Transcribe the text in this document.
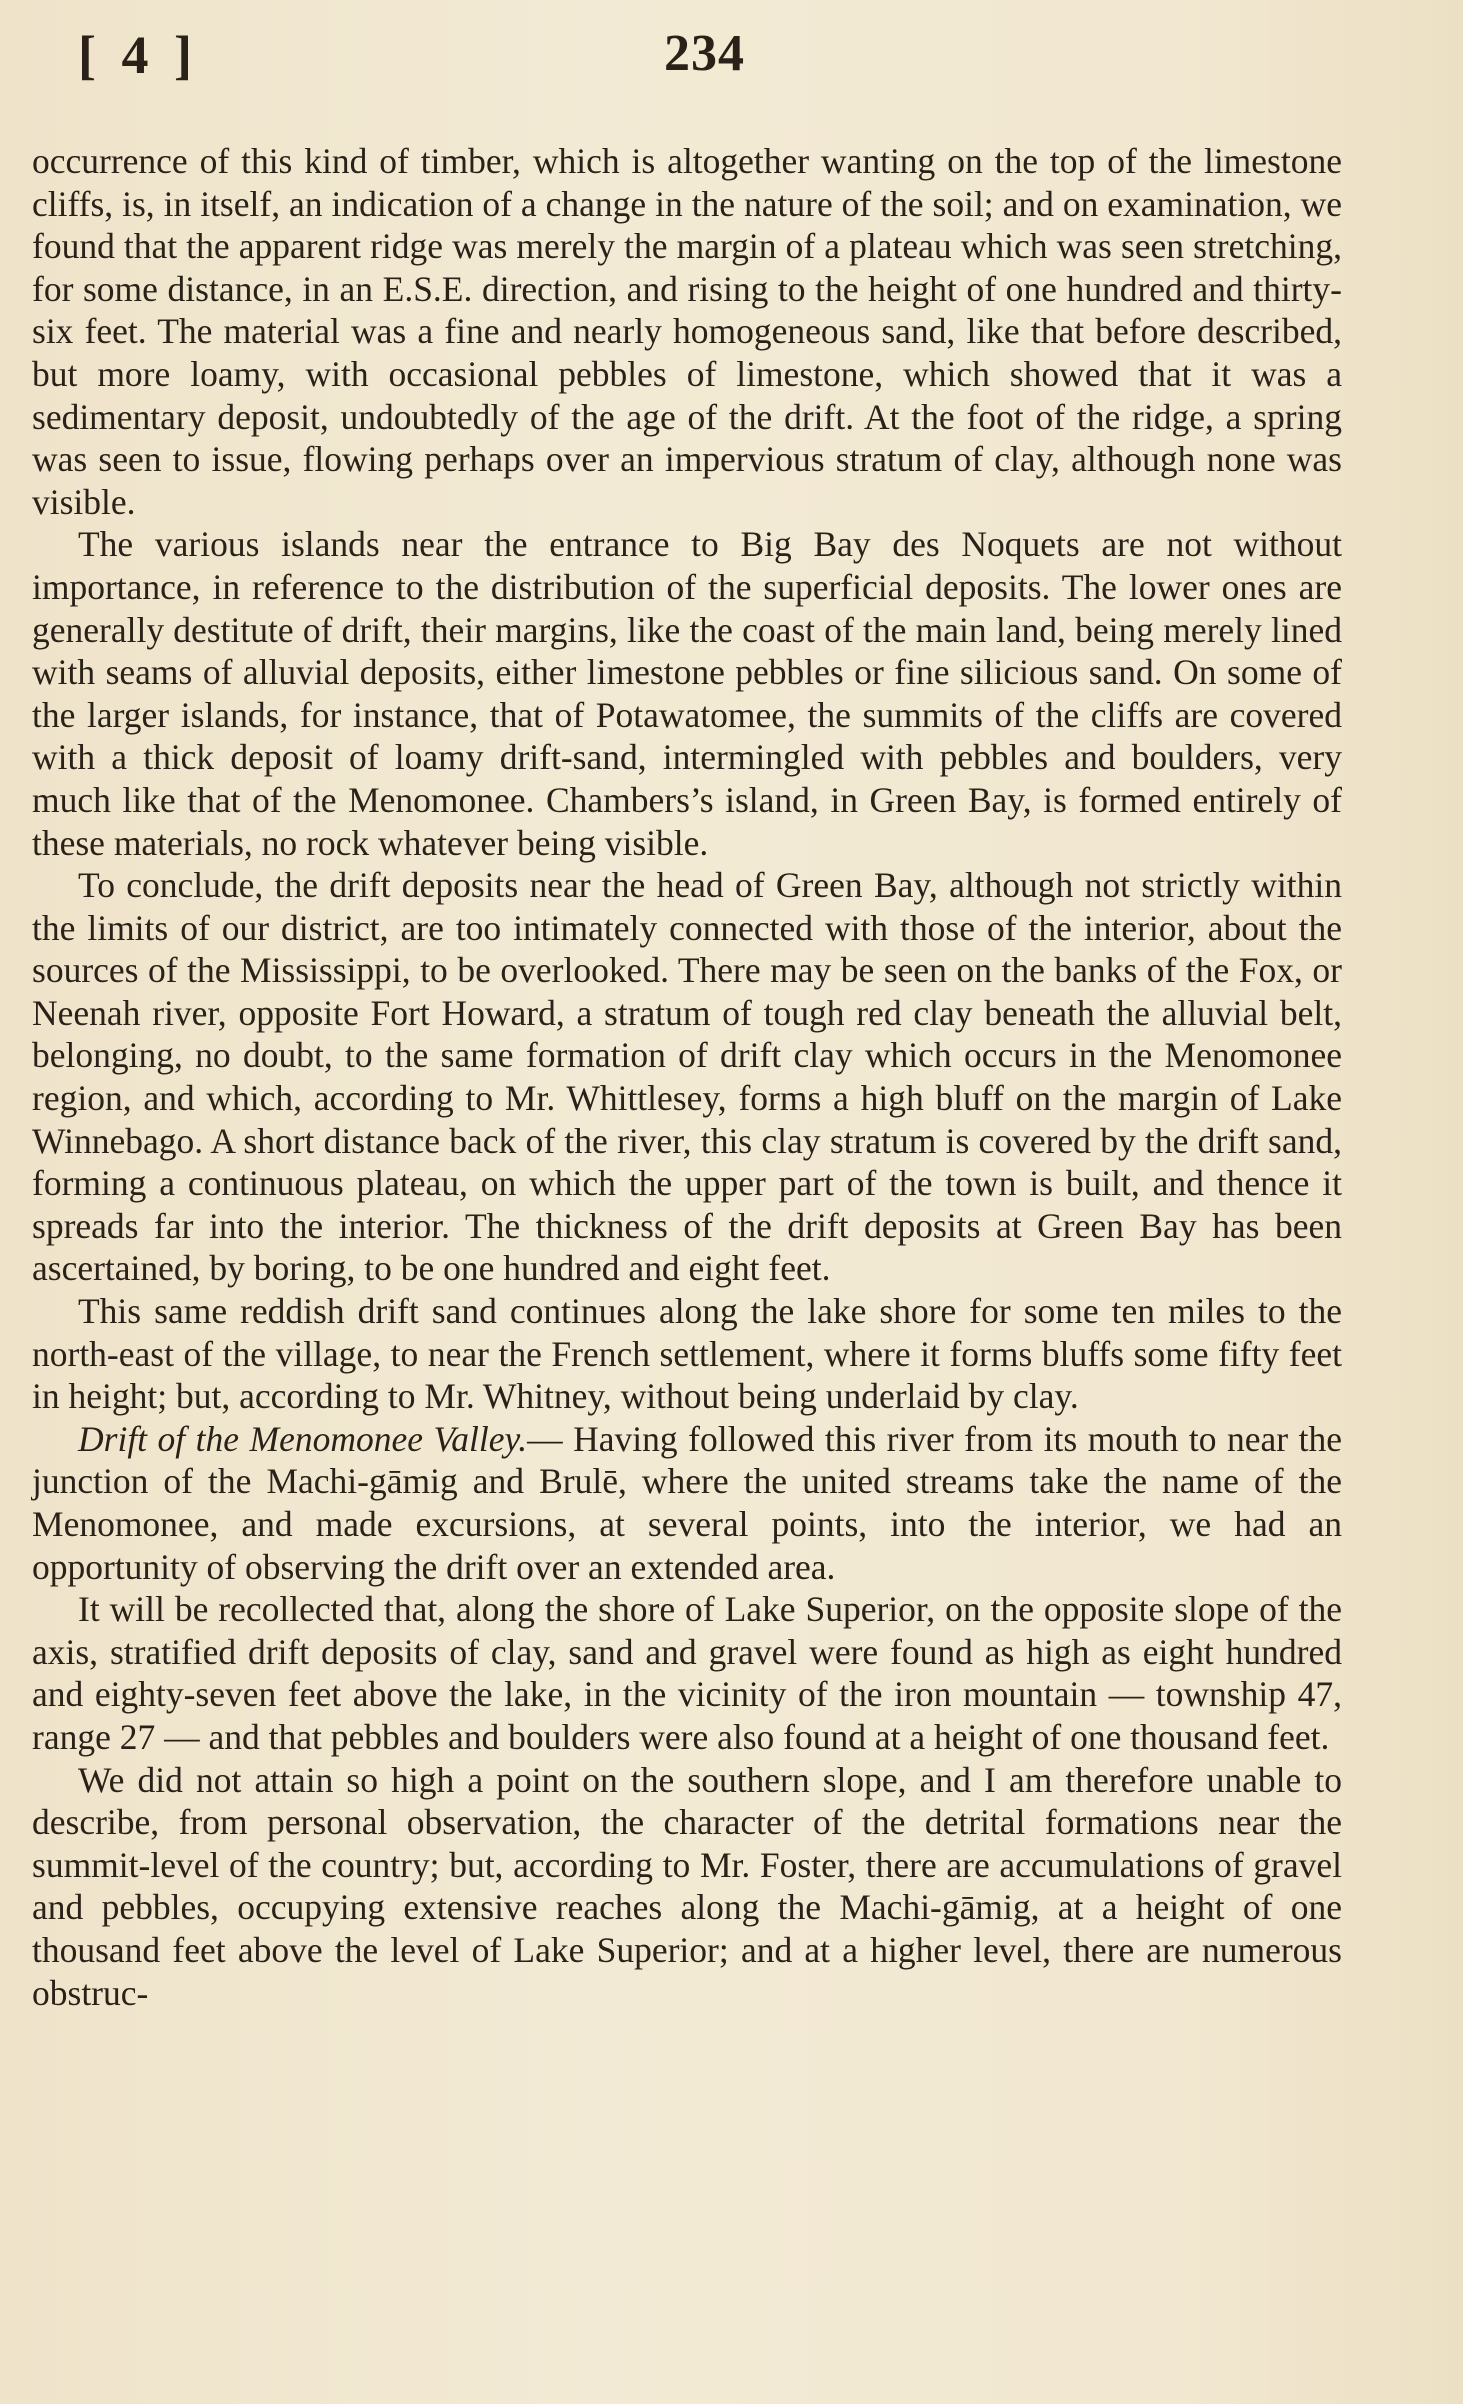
[ 4 ]	234

occurrence of this kind of timber, which is altogether wanting on the top of the limestone cliffs, is, in itself, an indication of a change in the nature of the soil; and on examination, we found that the apparent ridge was merely the margin of a plateau which was seen stretching, for some distance, in an E.S.E. direction, and rising to the height of one hundred and thirty-six feet. The material was a fine and nearly homogeneous sand, like that before described, but more loamy, with occasional pebbles of limestone, which showed that it was a sedimentary deposit, undoubtedly of the age of the drift. At the foot of the ridge, a spring was seen to issue, flowing perhaps over an impervious stratum of clay, although none was visible.

The various islands near the entrance to Big Bay des Noquets are not without importance, in reference to the distribution of the superficial deposits. The lower ones are generally destitute of drift, their margins, like the coast of the main land, being merely lined with seams of alluvial deposits, either limestone pebbles or fine silicious sand. On some of the larger islands, for instance, that of Potawatomee, the summits of the cliffs are covered with a thick deposit of loamy drift-sand, intermingled with pebbles and boulders, very much like that of the Menomonee. Chambers’s island, in Green Bay, is formed entirely of these materials, no rock whatever being visible.

To conclude, the drift deposits near the head of Green Bay, although not strictly within the limits of our district, are too intimately connected with those of the interior, about the sources of the Mississippi, to be overlooked. There may be seen on the banks of the Fox, or Neenah river, opposite Fort Howard, a stratum of tough red clay beneath the alluvial belt, belonging, no doubt, to the same formation of drift clay which occurs in the Menomonee region, and which, according to Mr. Whittlesey, forms a high bluff on the margin of Lake Winnebago. A short distance back of the river, this clay stratum is covered by the drift sand, forming a continuous plateau, on which the upper part of the town is built, and thence it spreads far into the interior. The thickness of the drift deposits at Green Bay has been ascertained, by boring, to be one hundred and eight feet.

This same reddish drift sand continues along the lake shore for some ten miles to the north-east of the village, to near the French settlement, where it forms bluffs some fifty feet in height; but, according to Mr. Whitney, without being underlaid by clay.

Drift of the Menomonee Valley.— Having followed this river from its mouth to near the junction of the Machi-gāmig and Brulē, where the united streams take the name of the Menomonee, and made excursions, at several points, into the interior, we had an opportunity of observing the drift over an extended area.

It will be recollected that, along the shore of Lake Superior, on the opposite slope of the axis, stratified drift deposits of clay, sand and gravel were found as high as eight hundred and eighty-seven feet above the lake, in the vicinity of the iron mountain — township 47, range 27 — and that pebbles and boulders were also found at a height of one thousand feet.

We did not attain so high a point on the southern slope, and I am therefore unable to describe, from personal observation, the character of the detrital formations near the summit-level of the country; but, according to Mr. Foster, there are accumulations of gravel and pebbles, occupying extensive reaches along the Machi-gāmig, at a height of one thousand feet above the level of Lake Superior; and at a higher level, there are numerous obstruc-
